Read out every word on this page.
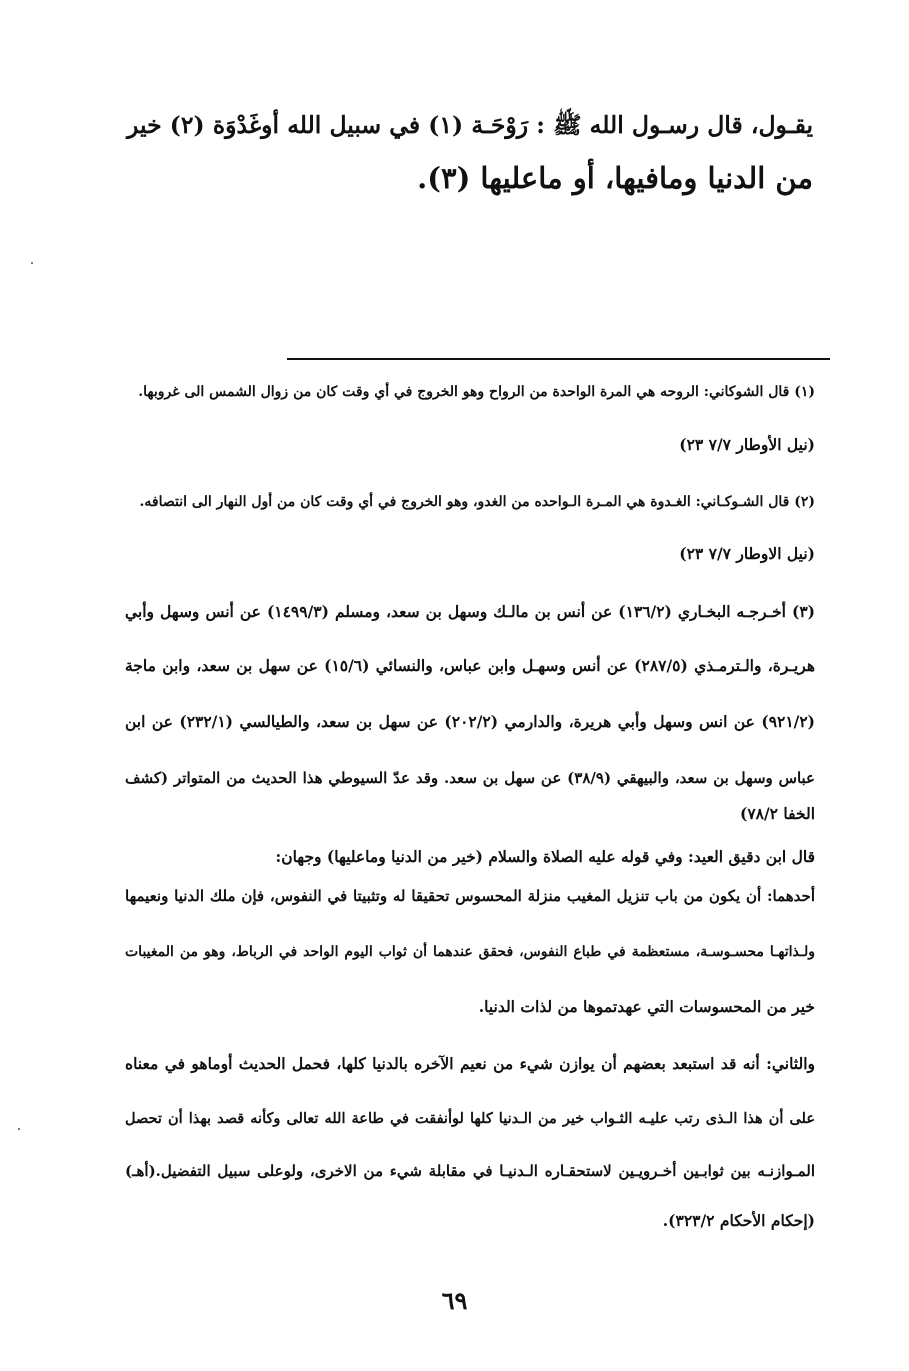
يقـول، قال رسـول الله ﷺ : رَوْحَـة (١) في سبيل الله أوغَدْوَة (٢) خير
من الدنيا ومافيها، أو ماعليها (٣).
(١) قال الشوكاني: الروحه هي المرة الواحدة من الرواح وهو الخروج في أي وقت كان من زوال الشمس الى غروبها.
(نيل الأوطار ٧/٧ ٢٣)
(٢) قال الشـوكـاني: الغـدوة هي المـرة الـواحده من الغدو، وهو الخروج في أي وقت كان من أول النهار الى انتصافه.
(نيل الاوطار ٧/٧ ٢٣)
(٣) أخـرجـه البخـاري (١٣٦/٢) عن أنس بن مالـك وسهل بن سعد، ومسلم (١٤٩٩/٣) عن أنس وسهل وأبي
هريـرة، والـترمـذي (٢٨٧/٥) عن أنس وسهـل وابن عباس، والنسائي (١٥/٦) عن سهل بن سعد، وابن ماجة
(٩٢١/٢) عن انس وسهل وأبي هريرة، والدارمي (٢٠٢/٢) عن سهل بن سعد، والطيالسي (٢٣٢/١) عن ابن
عباس وسهل بن سعد، والبيهقي (٣٨/٩) عن سهل بن سعد. وقد عدّ السيوطي هذا الحديث من المتواتر (كشف
الخفا ٧٨/٢)
قال ابن دقيق العيد: وفي قوله عليه الصلاة والسلام (خير من الدنيا وماعليها) وجهان:
أحدهما: أن يكون من باب تنزيل المغيب منزلة المحسوس تحقيقا له وتثبيتا في النفوس، فإن ملك الدنيا ونعيمها
ولـذاتهـا محسـوسـة، مستعظمة في طباع النفوس، فحقق عندهما أن ثواب اليوم الواحد في الرباط، وهو من المغيبات
خير من المحسوسات التي عهدتموها من لذات الدنيا.
والثاني: أنه قد استبعد بعضهم أن يوازن شيء من نعيم الآخره بالدنيا كلها، فحمل الحديث أوماهو في معناه
على أن هذا الـذى رتب عليـه الثـواب خير من الـدنيا كلها لوأنفقت في طاعة الله تعالى وكأنه قصد بهذا أن تحصل
المـوازنـه بين ثوابـين أخـرويـين لاستحقـاره الـدنيـا في مقابلة شيء من الاخرى، ولوعلى سبيل التفضيل.(أهـ)
(إحكام الأحكام ٣٢٣/٢).
٦٩
